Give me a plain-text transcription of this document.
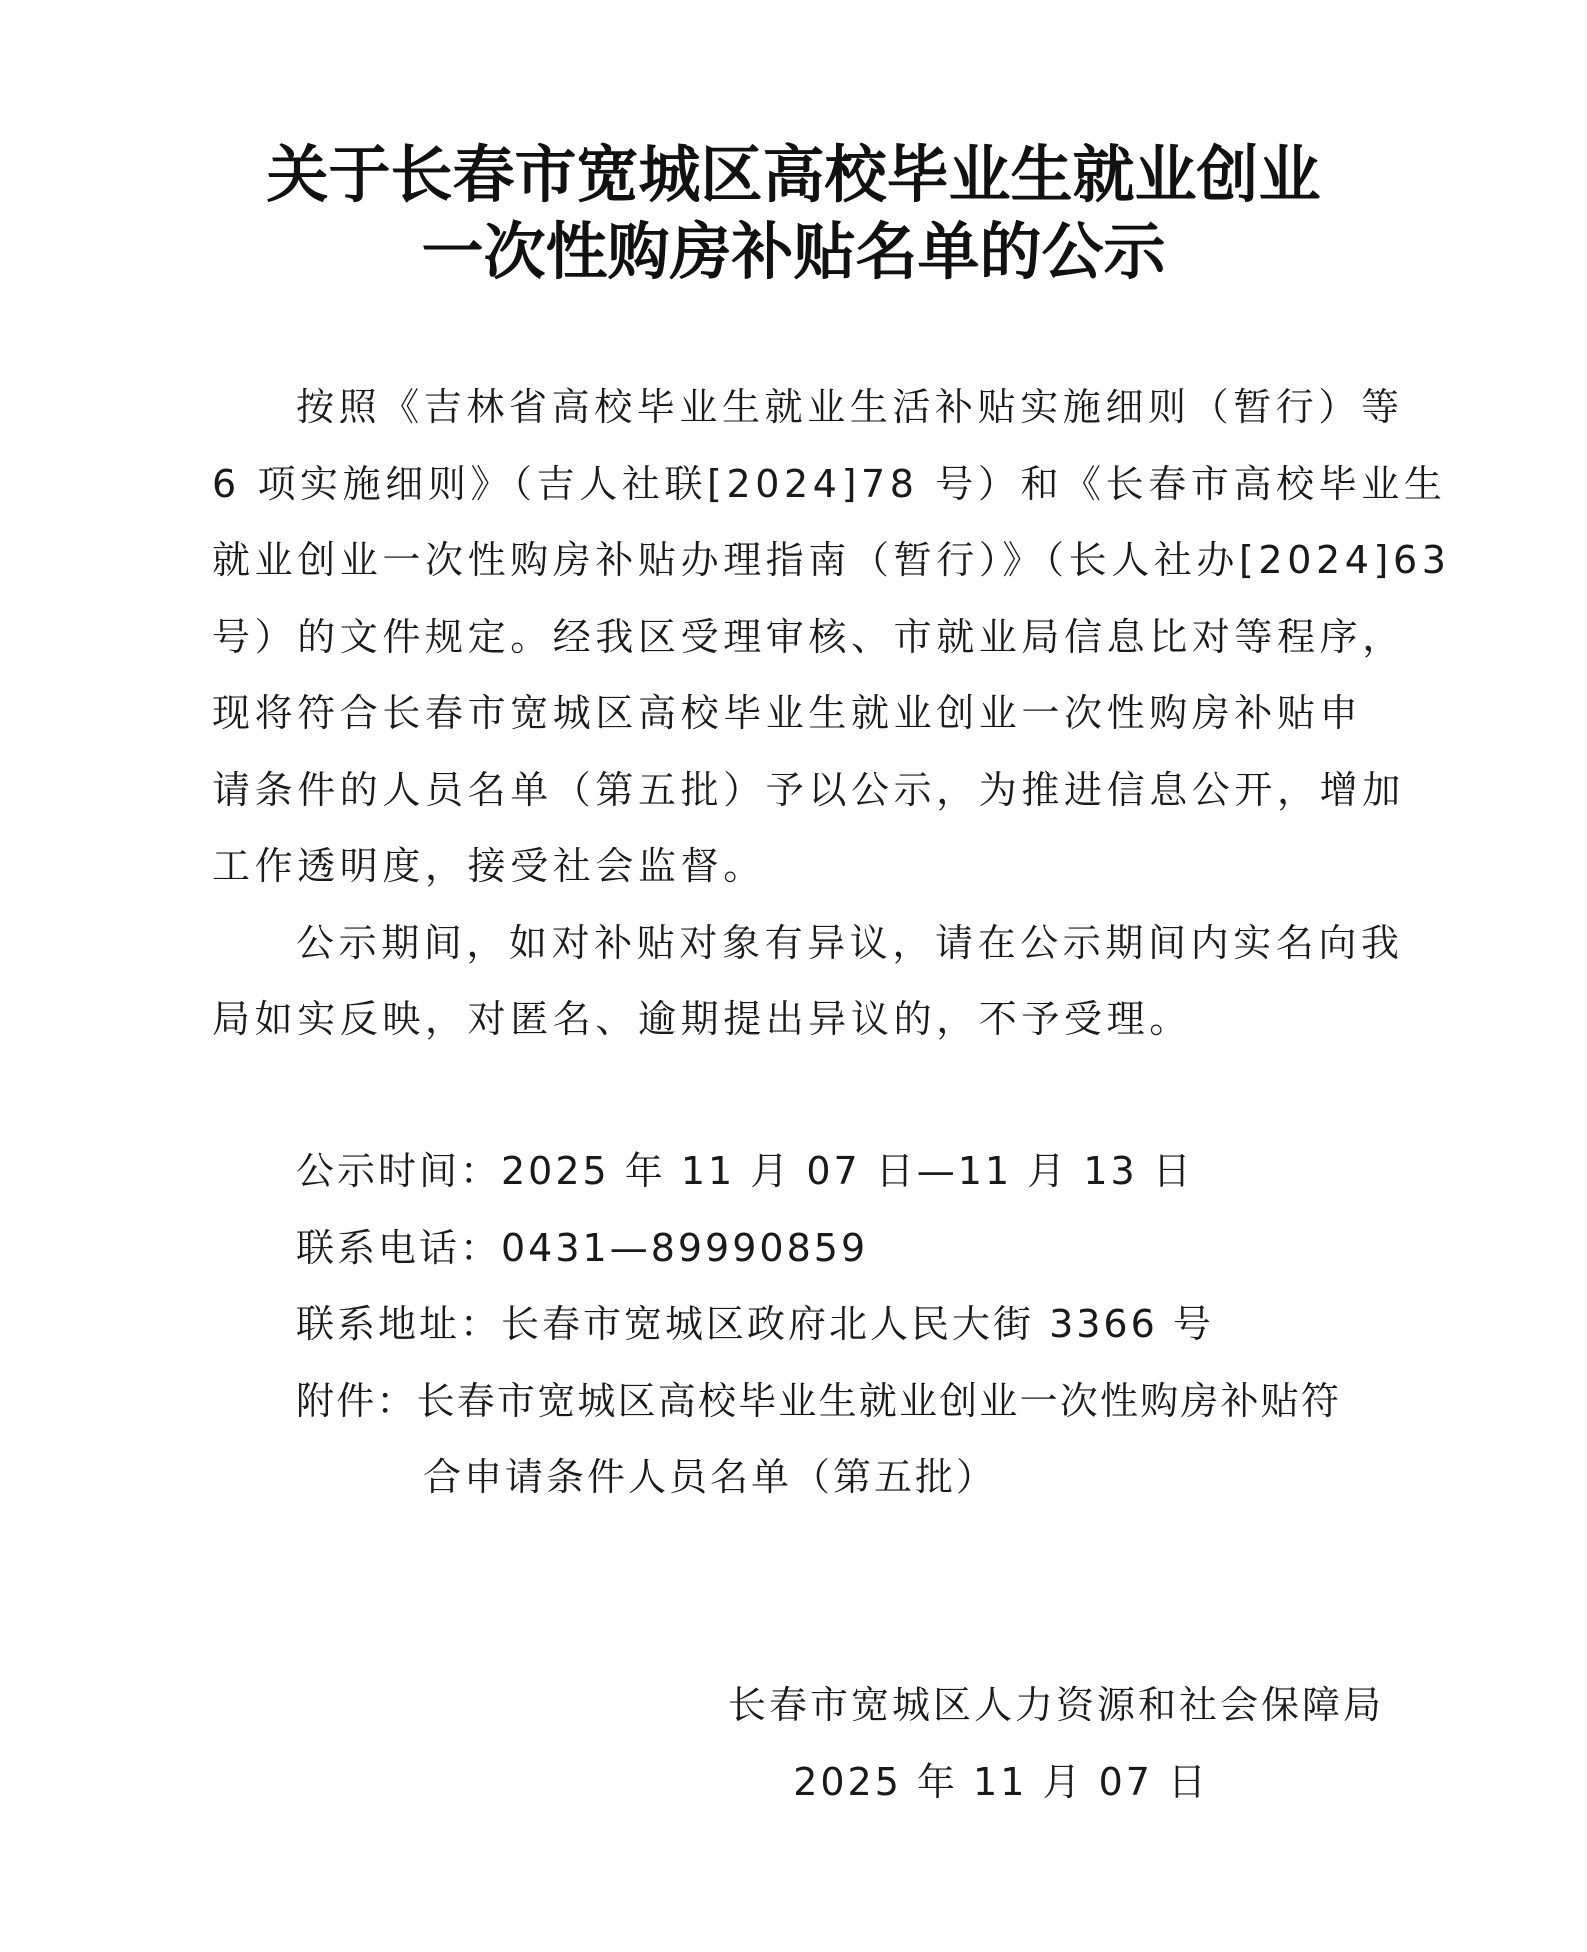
关于长春市宽城区高校毕业生就业创业
一次性购房补贴名单的公示
按照《吉林省高校毕业生就业生活补贴实施细则（暂行）等
6 项实施细则》（吉人社联[2024]78 号）和《长春市高校毕业生
就业创业一次性购房补贴办理指南（暂行）》（长人社办[2024]63
号）的文件规定。经我区受理审核、市就业局信息比对等程序，
现将符合长春市宽城区高校毕业生就业创业一次性购房补贴申
请条件的人员名单（第五批）予以公示，为推进信息公开，增加
工作透明度，接受社会监督。
公示期间，如对补贴对象有异议，请在公示期间内实名向我
局如实反映，对匿名、逾期提出异议的，不予受理。
公示时间：2025 年 11 月 07 日—11 月 13 日
联系电话：0431—89990859
联系地址：长春市宽城区政府北人民大街 3366 号
附件：长春市宽城区高校毕业生就业创业一次性购房补贴符
合申请条件人员名单（第五批）
长春市宽城区人力资源和社会保障局
2025 年 11 月 07 日
